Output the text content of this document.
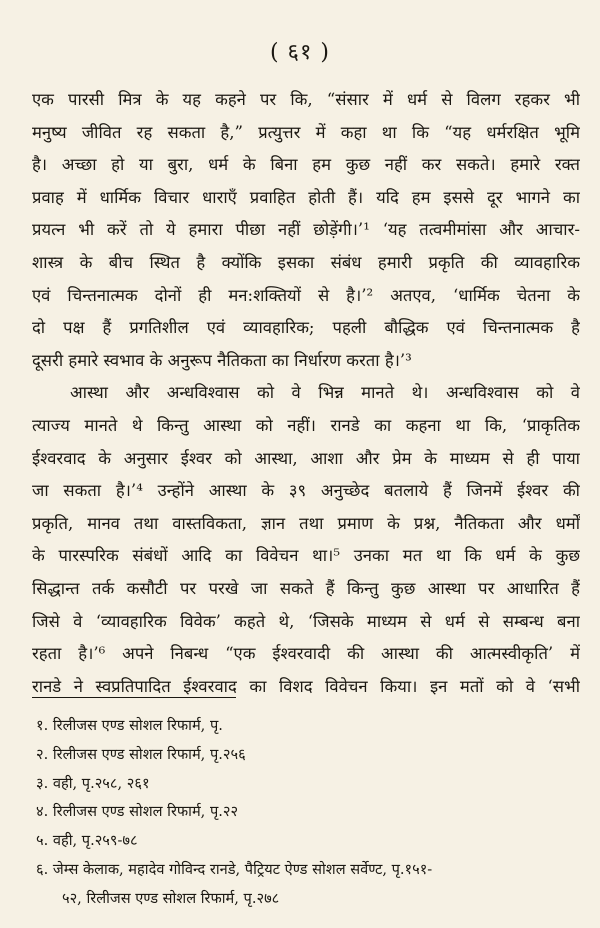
( ६१ )
एक पारसी मित्र के यह कहने पर कि, “संसार में धर्म से विलग रहकर भी
मनुष्य जीवित रह सकता है,” प्रत्युत्तर में कहा था कि “यह धर्मरक्षित भूमि
है। अच्छा हो या बुरा, धर्म के बिना हम कुछ नहीं कर सकते। हमारे रक्त
प्रवाह में धार्मिक विचार धाराएँ प्रवाहित होती हैं। यदि हम इससे दूर भागने का
प्रयत्न भी करें तो ये हमारा पीछा नहीं छोड़ेंगी।’¹ ‘यह तत्वमीमांसा और आचार-
शास्त्र के बीच स्थित है क्योंकि इसका संबंध हमारी प्रकृति की व्यावहारिक
एवं चिन्तनात्मक दोनों ही मन:शक्तियों से है।’² अतएव, ‘धार्मिक चेतना के
दो पक्ष हैं प्रगतिशील एवं व्यावहारिक; पहली बौद्धिक एवं चिन्तनात्मक है
दूसरी हमारे स्वभाव के अनुरूप नैतिकता का निर्धारण करता है।’³
आस्था और अन्धविश्वास को वे भिन्न मानते थे। अन्धविश्वास को वे
त्याज्य मानते थे किन्तु आस्था को नहीं। रानडे का कहना था कि, ‘प्राकृतिक
ईश्वरवाद के अनुसार ईश्वर को आस्था, आशा और प्रेम के माध्यम से ही पाया
जा सकता है।’⁴ उन्होंने आस्था के ३९ अनुच्छेद बतलाये हैं जिनमें ईश्वर की
प्रकृति, मानव तथा वास्तविकता, ज्ञान तथा प्रमाण के प्रश्न, नैतिकता और धर्मों
के पारस्परिक संबंधों आदि का विवेचन था।⁵ उनका मत था कि धर्म के कुछ
सिद्धान्त तर्क कसौटी पर परखे जा सकते हैं किन्तु कुछ आस्था पर आधारित हैं
जिसे वे ‘व्यावहारिक विवेक’ कहते थे, ‘जिसके माध्यम से धर्म से सम्बन्ध बना
रहता है।’⁶ अपने निबन्ध “एक ईश्वरवादी की आस्था की आत्मस्वीकृति’ में
रानडे ने स्वप्रतिपादित ईश्वरवाद का विशद विवेचन किया। इन मतों को वे ‘सभी
१. रिलीजस एण्ड सोशल रिफार्म, पृ.
२. रिलीजस एण्ड सोशल रिफार्म, पृ.२५६
३. वही, पृ.२५८, २६१
४. रिलीजस एण्ड सोशल रिफार्म, पृ.२२
५. वही, पृ.२५९-७८
६. जेम्स केलाक, महादेव गोविन्द रानडे, पैट्रियट ऐण्ड सोशल सर्वेण्ट, पृ.१५१-
५२, रिलीजस एण्ड सोशल रिफार्म, पृ.२७८
